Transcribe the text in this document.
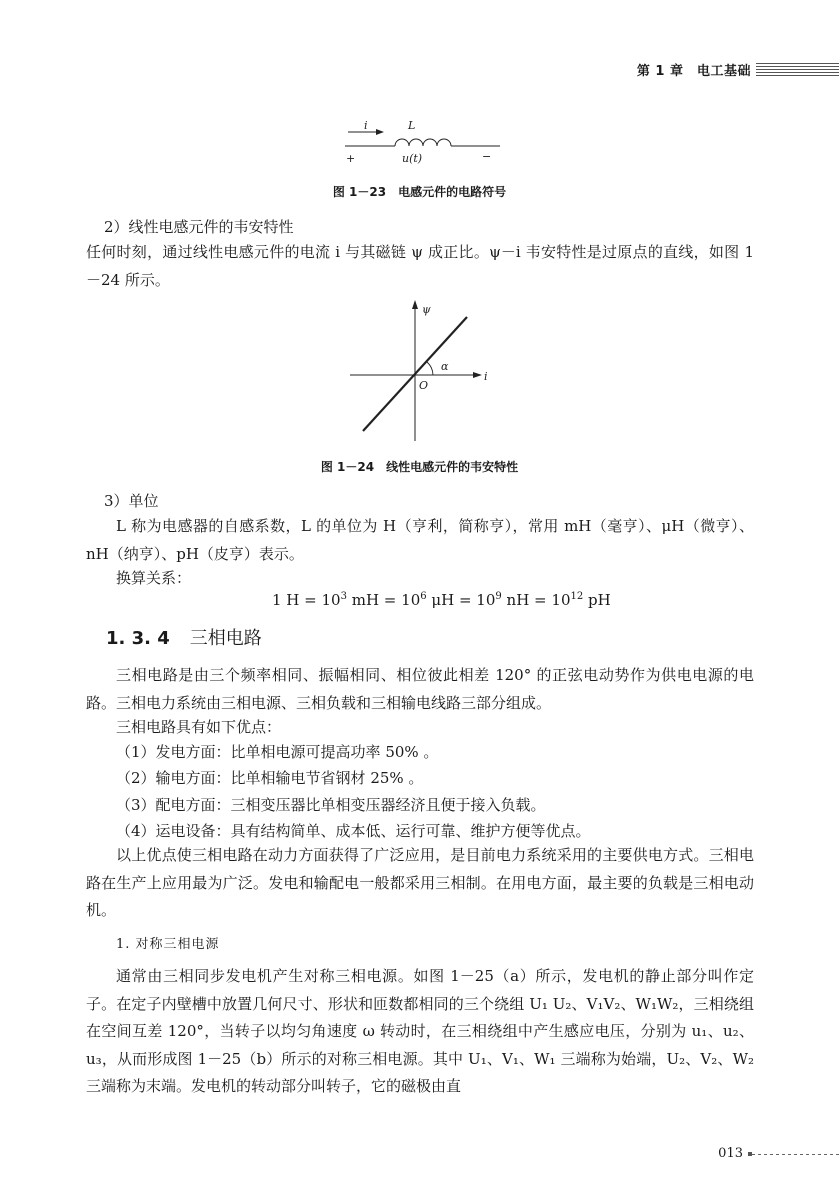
第 1 章　 电工基础
i	L
+	u(t)	−
图 1－23　电感元件的电路符号
2）线性电感元件的韦安特性
任何时刻，通过线性电感元件的电流 i 与其磁链 ψ 成正比。ψ－i 韦安特性是过原点的直线，如图 1－24 所示。
ψ
i
O
α
图 1－24　线性电感元件的韦安特性
3）单位
L 称为电感器的自感系数，L 的单位为 H（亨利，简称亨），常用 mH（毫亨）、μH（微亨）、nH（纳亨）、pH（皮亨）表示。
换算关系：
1 $H = 10^3$ mH = $10^6$ $\mu H = 10^9$ nH = $10^{12}$ pH
1. 3. 4 三相电路
三相电路是由三个频率相同、振幅相同、相位彼此相差 120° 的正弦电动势作为供电电源的电路。三相电力系统由三相电源、三相负载和三相输电线路三部分组成。
三相电路具有如下优点：
（1）发电方面：比单相电源可提高功率 50% 。
（2）输电方面：比单相输电节省钢材 25% 。
（3）配电方面：三相变压器比单相变压器经济且便于接入负载。
（4）运电设备：具有结构简单、成本低、运行可靠、维护方便等优点。
以上优点使三相电路在动力方面获得了广泛应用，是目前电力系统采用的主要供电方式。三相电路在生产上应用最为广泛。发电和输配电一般都采用三相制。在用电方面，最主要的负载是三相电动机。
1. 对称三相电源
通常由三相同步发电机产生对称三相电源。如图 1－25（a）所示，发电机的静止部分叫作定子。在定子内壁槽中放置几何尺寸、形状和匝数都相同的三个绕组 U₁ U₂、V₁V₂、W₁W₂，三相绕组在空间互差 120°，当转子以均匀角速度 ω 转动时，在三相绕组中产生感应电压，分别为 u₁、u₂、u₃，从而形成图 1－25（b）所示的对称三相电源。其中 U₁、V₁、W₁ 三端称为始端，U₂、V₂、W₂ 三端称为末端。发电机的转动部分叫转子，它的磁极由直
013
